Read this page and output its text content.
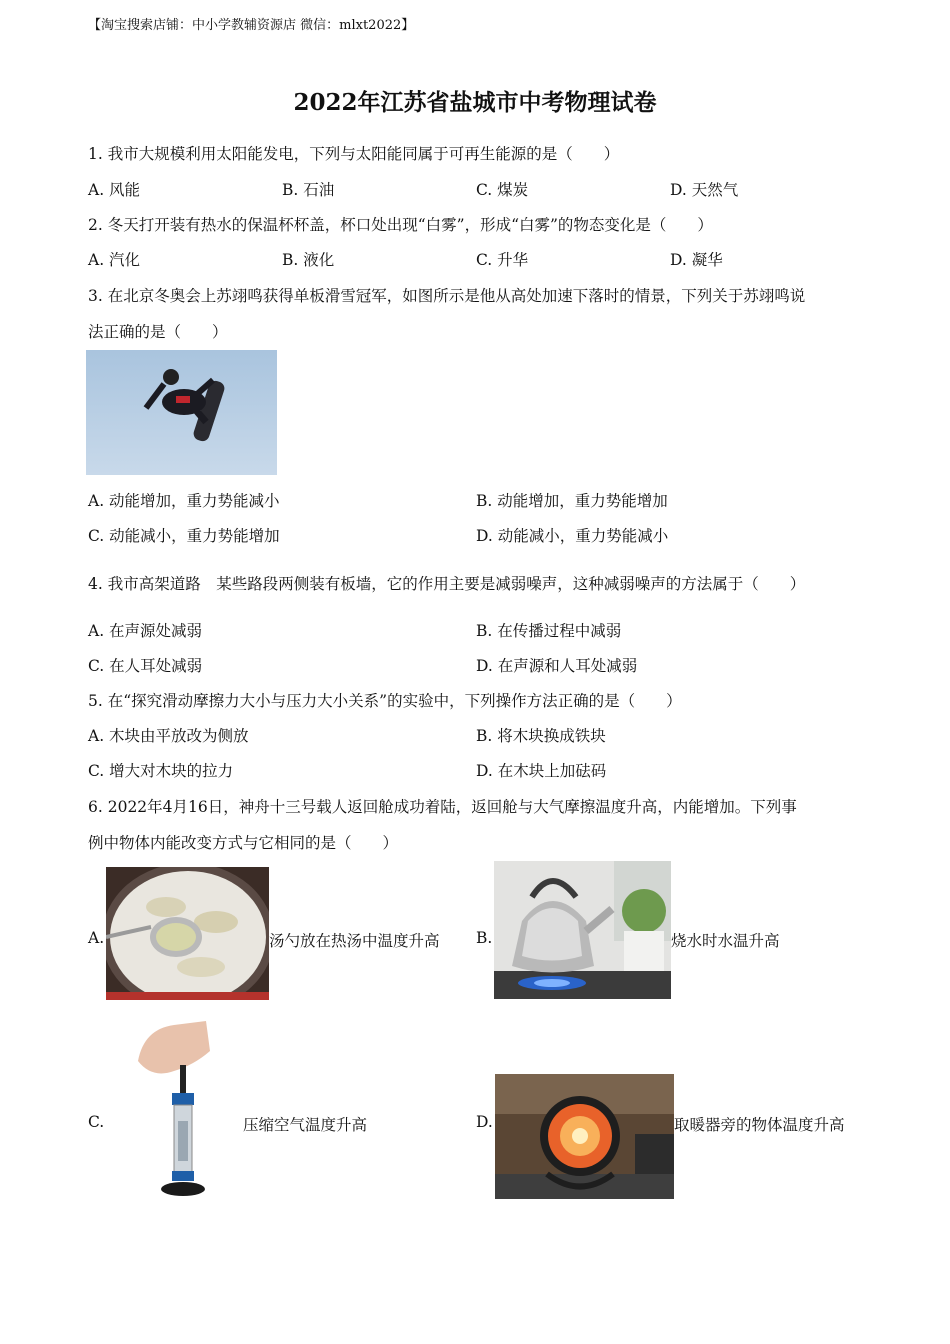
【淘宝搜索店铺：中小学教辅资源店 微信：mlxt2022】
2022年江苏省盐城市中考物理试卷
1. 我市大规模利用太阳能发电，下列与太阳能同属于可再生能源的是（　　）
A. 风能	B. 石油	C. 煤炭	D. 天然气
2. 冬天打开装有热水的保温杯杯盖，杯口处出现“白雾”，形成“白雾”的物态变化是（　　）
A. 汽化	B. 液化	C. 升华	D. 凝华
3. 在北京冬奥会上苏翊鸣获得单板滑雪冠军，如图所示是他从高处加速下落时的情景，下列关于苏翊鸣说
法正确的是（　　）
A. 动能增加，重力势能减小	B. 动能增加，重力势能增加
C. 动能减小，重力势能增加	D. 动能减小，重力势能减小
4. 我市高架道路　某些路段两侧装有板墙，它的作用主要是减弱噪声，这种减弱噪声的方法属于（　　）
A. 在声源处减弱	B. 在传播过程中减弱
C. 在人耳处减弱	D. 在声源和人耳处减弱
5. 在“探究滑动摩擦力大小与压力大小关系”的实验中，下列操作方法正确的是（　　）
A. 木块由平放改为侧放	B. 将木块换成铁块
C. 增大对木块的拉力	D. 在木块上加砝码
6. 2022年4月16日，神舟十三号载人返回舱成功着陆，返回舱与大气摩擦温度升高，内能增加。下列事
例中物体内能改变方式与它相同的是（　　）
A.	汤勺放在热汤中温度升高 B.	烧水时水温升高
C.	压缩空气温度升高	D.	取暖器旁的物体温度升高
